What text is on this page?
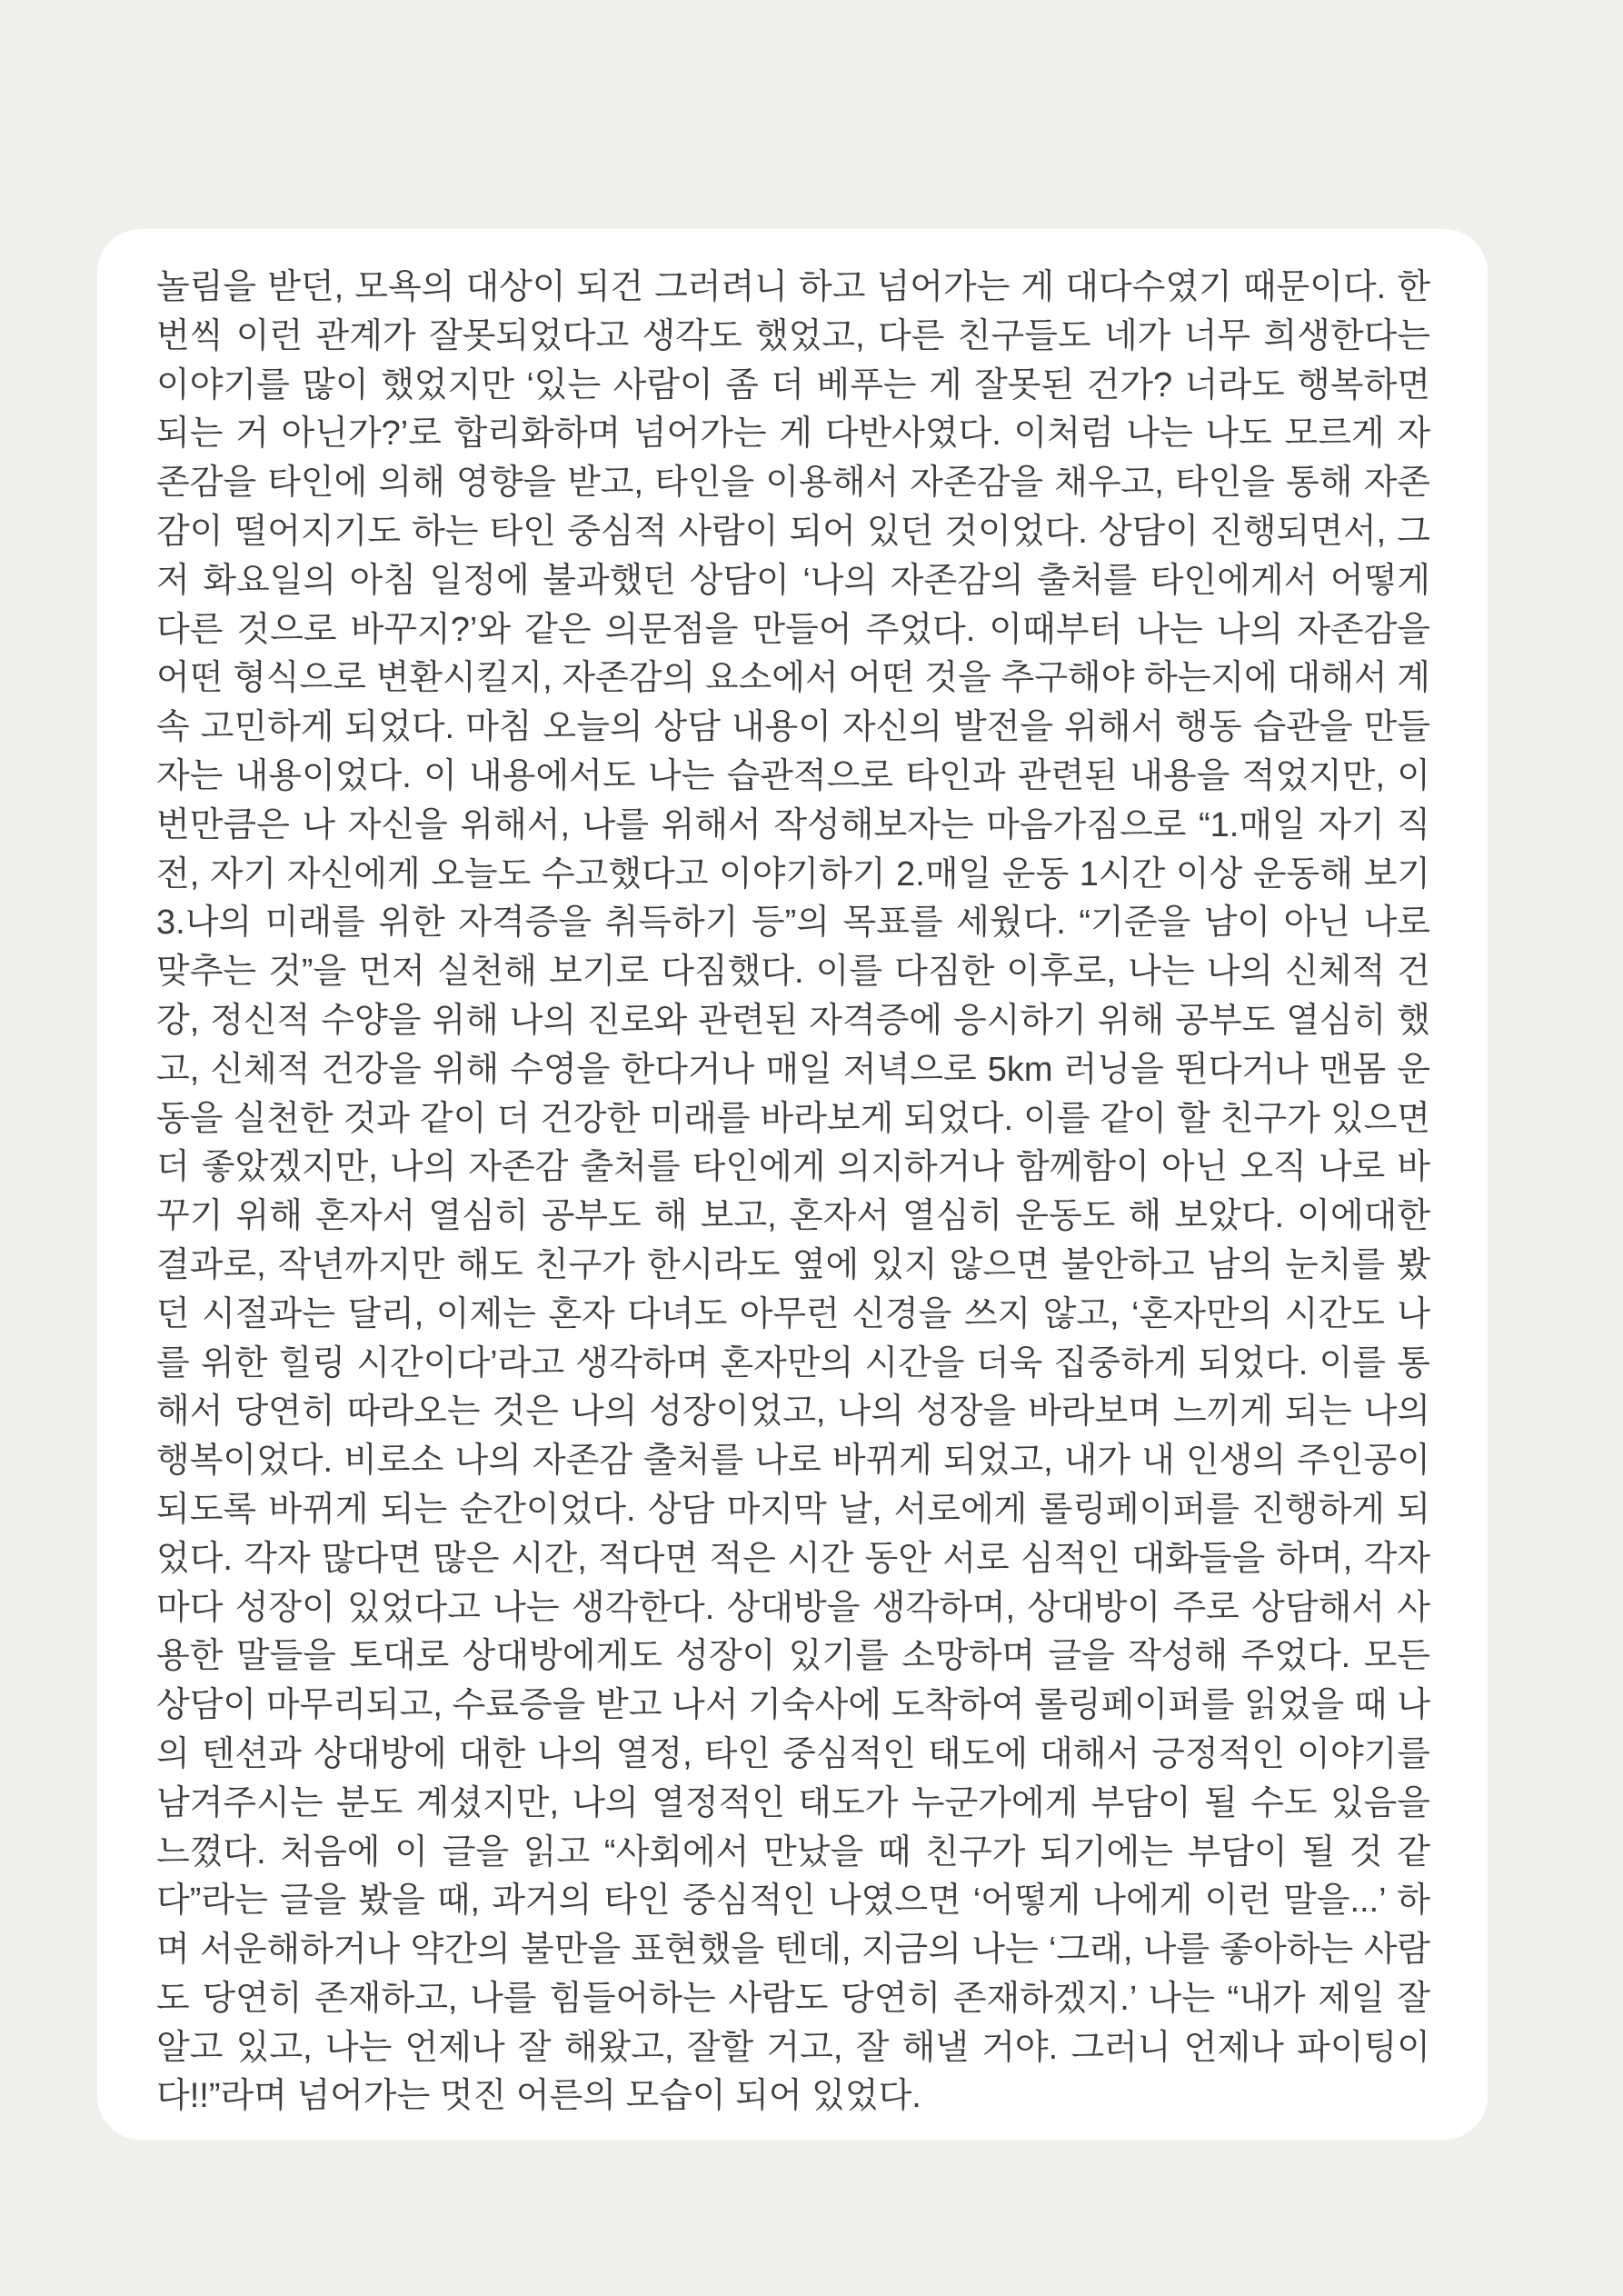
놀림을 받던, 모욕의 대상이 되건 그러려니 하고 넘어가는 게 대다수였기 때문이다. 한 번씩 이런 관계가 잘못되었다고 생각도 했었고, 다른 친구들도 네가 너무 희생한다는 이야기를 많이 했었지만 ‘있는 사람이 좀 더 베푸는 게 잘못된 건가? 너라도 행복하면 되는 거 아닌가?’로 합리화하며 넘어가는 게 다반사였다. 이처럼 나는 나도 모르게 자존감을 타인에 의해 영향을 받고, 타인을 이용해서 자존감을 채우고, 타인을 통해 자존감이 떨어지기도 하는 타인 중심적 사람이 되어 있던 것이었다. 상담이 진행되면서, 그저 화요일의 아침 일정에 불과했던 상담이 ‘나의 자존감의 출처를 타인에게서 어떻게 다른 것으로 바꾸지?’와 같은 의문점을 만들어 주었다. 이때부터 나는 나의 자존감을 어떤 형식으로 변환시킬지, 자존감의 요소에서 어떤 것을 추구해야 하는지에 대해서 계속 고민하게 되었다. 마침 오늘의 상담 내용이 자신의 발전을 위해서 행동 습관을 만들자는 내용이었다. 이 내용에서도 나는 습관적으로 타인과 관련된 내용을 적었지만, 이번만큼은 나 자신을 위해서, 나를 위해서 작성해보자는 마음가짐으로 “1.매일 자기 직전, 자기 자신에게 오늘도 수고했다고 이야기하기 2.매일 운동 1시간 이상 운동해 보기 3.나의 미래를 위한 자격증을 취득하기 등”의 목표를 세웠다. “기준을 남이 아닌 나로 맞추는 것”을 먼저 실천해 보기로 다짐했다. 이를 다짐한 이후로, 나는 나의 신체적 건강, 정신적 수양을 위해 나의 진로와 관련된 자격증에 응시하기 위해 공부도 열심히 했고, 신체적 건강을 위해 수영을 한다거나 매일 저녁으로 5km 러닝을 뛴다거나 맨몸 운동을 실천한 것과 같이 더 건강한 미래를 바라보게 되었다. 이를 같이 할 친구가 있으면 더 좋았겠지만, 나의 자존감 출처를 타인에게 의지하거나 함께함이 아닌 오직 나로 바꾸기 위해 혼자서 열심히 공부도 해 보고, 혼자서 열심히 운동도 해 보았다. 이에대한 결과로, 작년까지만 해도 친구가 한시라도 옆에 있지 않으면 불안하고 남의 눈치를 봤던 시절과는 달리, 이제는 혼자 다녀도 아무런 신경을 쓰지 않고, ‘혼자만의 시간도 나를 위한 힐링 시간이다’라고 생각하며 혼자만의 시간을 더욱 집중하게 되었다. 이를 통해서 당연히 따라오는 것은 나의 성장이었고, 나의 성장을 바라보며 느끼게 되는 나의 행복이었다. 비로소 나의 자존감 출처를 나로 바뀌게 되었고, 내가 내 인생의 주인공이 되도록 바뀌게 되는 순간이었다. 상담 마지막 날, 서로에게 롤링페이퍼를 진행하게 되었다. 각자 많다면 많은 시간, 적다면 적은 시간 동안 서로 심적인 대화들을 하며, 각자마다 성장이 있었다고 나는 생각한다. 상대방을 생각하며, 상대방이 주로 상담해서 사용한 말들을 토대로 상대방에게도 성장이 있기를 소망하며 글을 작성해 주었다. 모든 상담이 마무리되고, 수료증을 받고 나서 기숙사에 도착하여 롤링페이퍼를 읽었을 때 나의 텐션과 상대방에 대한 나의 열정, 타인 중심적인 태도에 대해서 긍정적인 이야기를 남겨주시는 분도 계셨지만, 나의 열정적인 태도가 누군가에게 부담이 될 수도 있음을 느꼈다. 처음에 이 글을 읽고 “사회에서 만났을 때 친구가 되기에는 부담이 될 것 같다”라는 글을 봤을 때, 과거의 타인 중심적인 나였으면 ‘어떻게 나에게 이런 말을...’ 하며 서운해하거나 약간의 불만을 표현했을 텐데, 지금의 나는 ‘그래, 나를 좋아하는 사람도 당연히 존재하고, 나를 힘들어하는 사람도 당연히 존재하겠지.’ 나는 “내가 제일 잘 알고 있고, 나는 언제나 잘 해왔고, 잘할 거고, 잘 해낼 거야. 그러니 언제나 파이팅이다!!”라며 넘어가는 멋진 어른의 모습이 되어 있었다.
